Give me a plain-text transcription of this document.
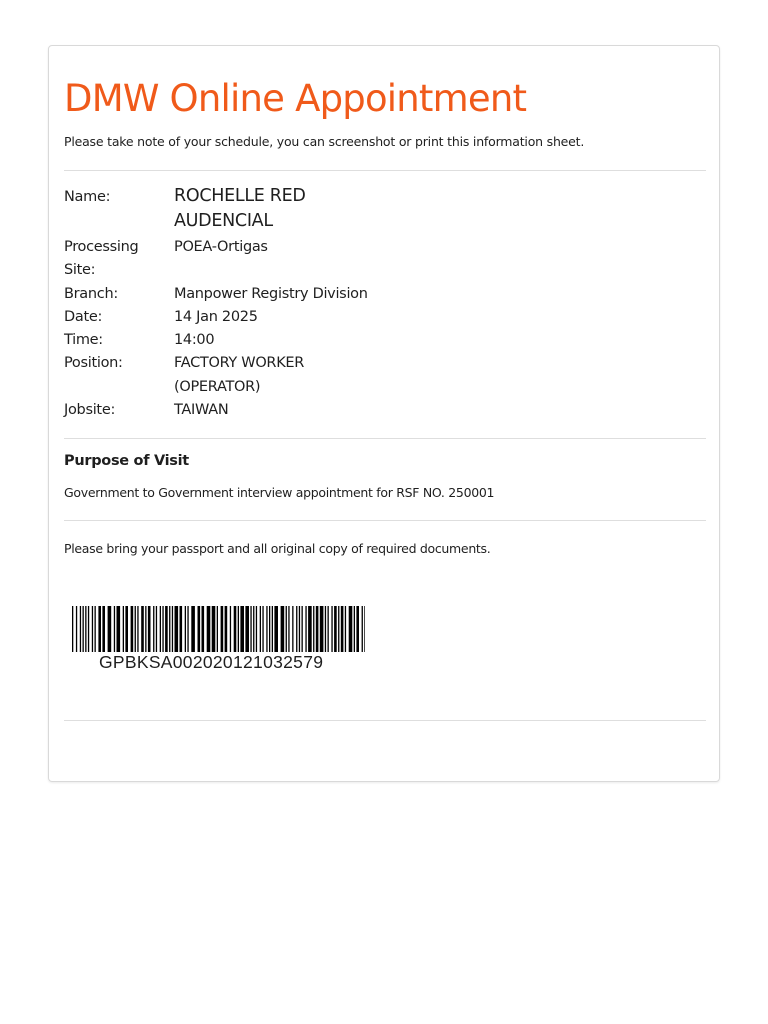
DMW Online Appointment
Please take note of your schedule, you can screenshot or print this information sheet.
Name:	ROCHELLE RED
AUDENCIAL
Processing
Site:
POEA-Ortigas
Branch:	Manpower Registry Division
Date:	14 Jan 2025
Time:	14:00
Position:	FACTORY WORKER
(OPERATOR)
Jobsite:	TAIWAN
Purpose of Visit
Government to Government interview appointment for RSF NO. 250001
Please bring your passport and all original copy of required documents.
GPBKSA002020121032579
